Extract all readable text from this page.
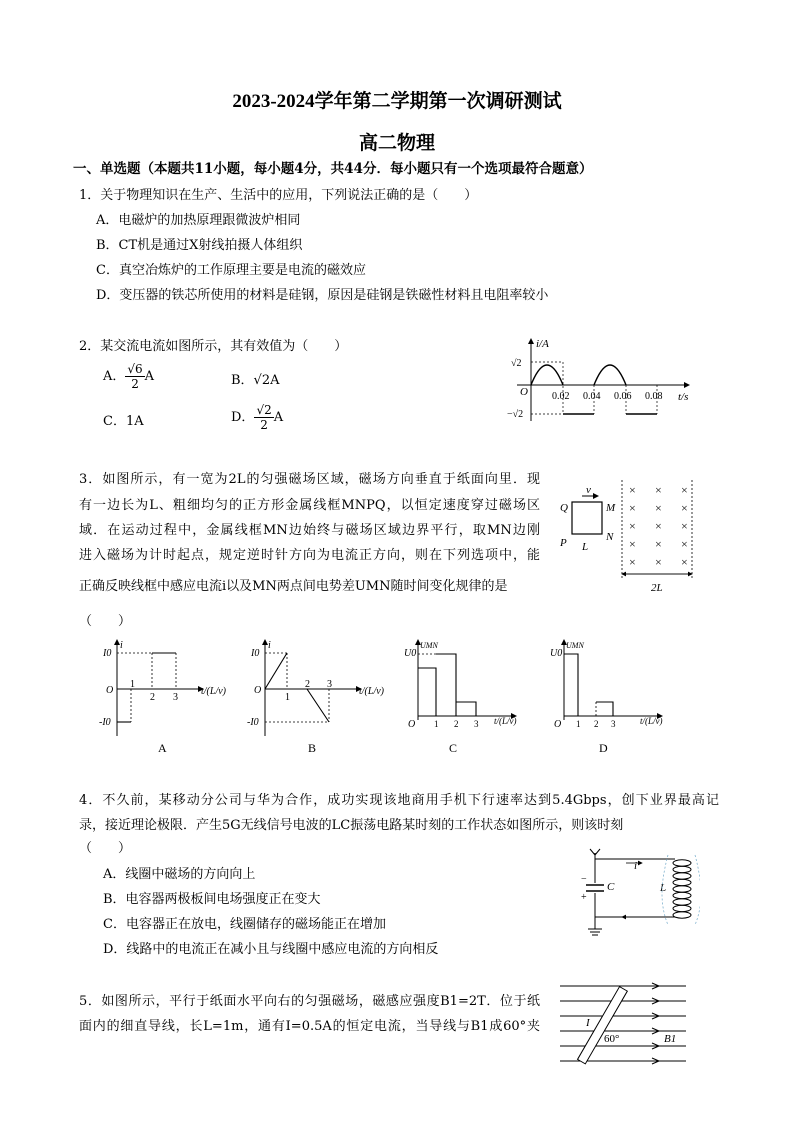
2023-2024学年第二学期第一次调研测试
高二物理
一、单选题（本题共11小题，每小题4分，共44分．每小题只有一个选项最符合题意）
1．关于物理知识在生产、生活中的应用，下列说法正确的是（　　）
A．电磁炉的加热原理跟微波炉相同
B．CT机是通过X射线拍摄人体组织
C．真空冶炼炉的工作原理主要是电流的磁效应
D．变压器的铁芯所使用的材料是硅钢，原因是硅钢是铁磁性材料且电阻率较小
2．某交流电流如图所示，其有效值为（　　）
A． $\frac{√6}{2}$ A	B．√2A
C．1A	D． $\frac{√2}{2}$ A
i/A
t/s
O
√2
−√2
0.02 0.04 0.06 0.08
3．如图所示，有一宽为2L的匀强磁场区域，磁场方向垂直于纸面向里．现
有一边长为L、粗细均匀的正方形金属线框MNPQ，以恒定速度穿过磁场区
域．在运动过程中，金属线框MN边始终与磁场区域边界平行，取MN边刚
进入磁场为计时起点，规定逆时针方向为电流正方向，则在下列选项中，能
正确反映线框中感应电流i以及MN两点间电势差UMN随时间变化规律的是
（　　）
v
Q	M
P	N
L
× × ×
× × ×
× × ×
× × ×
× × ×
2L
I0
-I0
O
i
1
2 3
t/(L/v)
A
I0
-I0
O
i
1
2 3
t/(L/v)
B
U0
UMN
O 1 2 3 t/(L/v)
C
U0
UMN
O 1 2 3	t/(L/v)
D
4．不久前，某移动分公司与华为合作，成功实现该地商用手机下行速率达到5.4Gbps，创下业界最高记
录，接近理论极限．产生5G无线信号电波的LC振荡电路某时刻的工作状态如图所示，则该时刻
（　　）
A．线圈中磁场的方向向上
B．电容器两极板间电场强度正在变大
C．电容器正在放电，线圈储存的磁场能正在增加
D．线路中的电流正在减小且与线圈中感应电流的方向相反
C
−
+
i
L
5．如图所示，平行于纸面水平向右的匀强磁场，磁感应强度B1=2T．位于纸
面内的细直导线，长L=1m，通有I=0.5A的恒定电流，当导线与B1成60°夹	I
60°	B1
